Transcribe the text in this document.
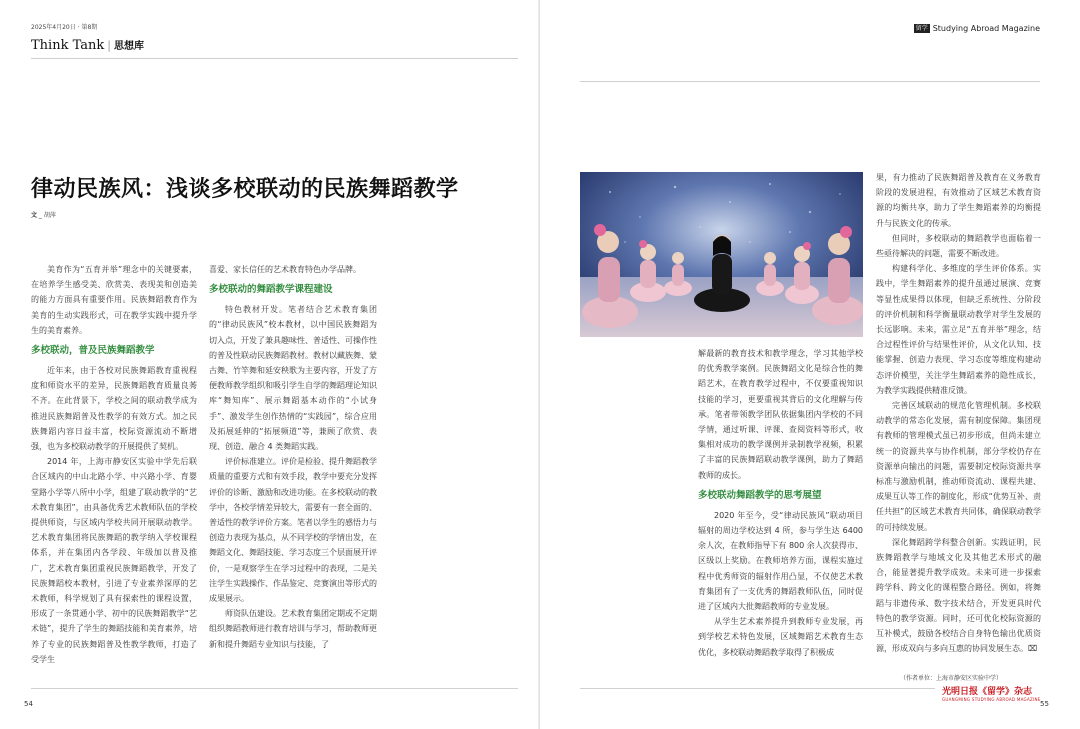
2025年4月20日 · 第8期
Think Tank | 思想库
律动民族风：浅谈多校联动的民族舞蹈教学
文 _ 胡萍

美育作为“五育并举”理念中的关键要素，在培养学生感受美、欣赏美、表现美和创造美的能力方面具有重要作用。民族舞蹈教育作为美育的生动实践形式，可在教学实践中提升学生的美育素养。

多校联动，普及民族舞蹈教学

近年来，由于各校对民族舞蹈教育重视程度和师资水平的差异，民族舞蹈教育质量良莠不齐。在此背景下，学校之间的联动教学成为推进民族舞蹈普及性教学的有效方式。加之民族舞蹈内容日益丰富，校际资源流动不断增强，也为多校联动教学的开展提供了契机。

2014 年，上海市静安区实验中学先后联合区域内的中山北路小学、中兴路小学、育婴堂路小学等八所中小学，组建了联动教学的“艺术教育集团”，由具备优秀艺术教师队伍的学校提供师资，与区域内学校共同开展联动教学。艺术教育集团将民族舞蹈的教学纳入学校课程体系，并在集团内各学段、年级加以普及推广，艺术教育集团重视民族舞蹈教学，开发了民族舞蹈校本教材，引进了专业素养深厚的艺术教师，科学规划了具有探索性的课程设置，形成了一条贯通小学、初中的民族舞蹈教学“艺术链”，提升了学生的舞蹈技能和美育素养，培养了专业的民族舞蹈普及性教学教师，打造了受学生

喜爱、家长信任的艺术教育特色办学品牌。

多校联动的舞蹈教学课程建设

特色教材开发。笔者结合艺术教育集团的“律动民族风”校本教材，以中国民族舞蹈为切入点，开发了兼具趣味性、普适性、可操作性的普及性联动民族舞蹈教材。教材以藏族舞、蒙古舞、竹竿舞和延安秧歌为主要内容，开发了方便教师教学组织和吸引学生自学的舞蹈理论知识库“舞知库”、展示舞蹈基本动作的“小试身手”、激发学生创作热情的“实践园”，综合应用及拓展延伸的“拓展频道”等，兼顾了欣赏、表现、创造、融合 4 类舞蹈实践。

评价标准建立。评价是检验、提升舞蹈教学质量的重要方式和有效手段，教学中要充分发挥评价的诊断、激励和改进功能。在多校联动的教学中，各校学情差异较大，需要有一套全面的、普适性的教学评价方案。笔者以学生的感悟力与创造力表现为基点，从不同学校的学情出发，在舞蹈文化、舞蹈技能、学习态度三个层面展开评价，一是观察学生在学习过程中的表现，二是关注学生实践操作、作品鉴定、竞赛演出等形式的成果展示。

师资队伍建设。艺术教育集团定期或不定期组织舞蹈教师进行教育培训与学习，帮助教师更新和提升舞蹈专业知识与技能，了

54
留学 Studying Abroad Magazine

解最新的教育技术和教学理念，学习其他学校的优秀教学案例。民族舞蹈文化是综合性的舞蹈艺术，在教育教学过程中，不仅要重视知识技能的学习，更要重视其背后的文化理解与传承。笔者带领教学团队依据集团内学校的不同学情，通过听课、评课、查阅资料等形式，收集相对成功的教学课例并录制教学视频，积累了丰富的民族舞蹈联动教学课例，助力了舞蹈教师的成长。

多校联动舞蹈教学的思考展望

2020 年至今，受“律动民族风”联动项目辐射的周边学校达到 4 所，参与学生达 6400 余人次，在教师指导下有 800 余人次获得市、区级以上奖励。在教师培养方面，课程实施过程中优秀师资的辐射作用凸显，不仅使艺术教育集团有了一支优秀的舞蹈教师队伍，同时促进了区域内大批舞蹈教师的专业发展。

从学生艺术素养提升到教师专业发展，再到学校艺术特色发展，区域舞蹈艺术教育生态优化，多校联动舞蹈教学取得了积极成

果，有力推动了民族舞蹈普及教育在义务教育阶段的发展进程，有效推动了区域艺术教育资源的均衡共享，助力了学生舞蹈素养的均衡提升与民族文化的传承。

但同时，多校联动的舞蹈教学也面临着一些亟待解决的问题，需要不断改进。

构建科学化、多维度的学生评价体系。实践中，学生舞蹈素养的提升虽通过展演、竞赛等显性成果得以体现，但缺乏系统性、分阶段的评价机制和科学衡量联动教学对学生发展的长远影响。未来，需立足“五育并举”理念，结合过程性评价与结果性评价，从文化认知、技能掌握、创造力表现、学习态度等维度构建动态评价模型，关注学生舞蹈素养的隐性成长，为教学实践提供精准反馈。

完善区域联动的规范化管理机制。多校联动教学的常态化发展，需有制度保障。集团现有教师的管理模式虽已初步形成，但尚未建立统一的资源共享与协作机制，部分学校仍存在资源单向输出的问题，需要制定校际资源共享标准与激励机制，推动师资流动、课程共建、成果互认等工作的制度化，形成“优势互补、责任共担”的区域艺术教育共同体，确保联动教学的可持续发展。

深化舞蹈跨学科整合创新。实践证明，民族舞蹈教学与地域文化及其他艺术形式的融合，能显著提升教学成效。未来可进一步探索跨学科、跨文化的课程整合路径。例如，将舞蹈与非遗传承、数字技术结合，开发更具时代特色的教学资源。同时，还可优化校际资源的互补模式，鼓励各校结合自身特色输出优质资源，形成双向与多向互惠的协同发展生态。⌧

（作者单位：上海市静安区实验中学）
光明日报《留学》杂志
GUANGMING STUDYING ABROAD MAGAZINE
55
